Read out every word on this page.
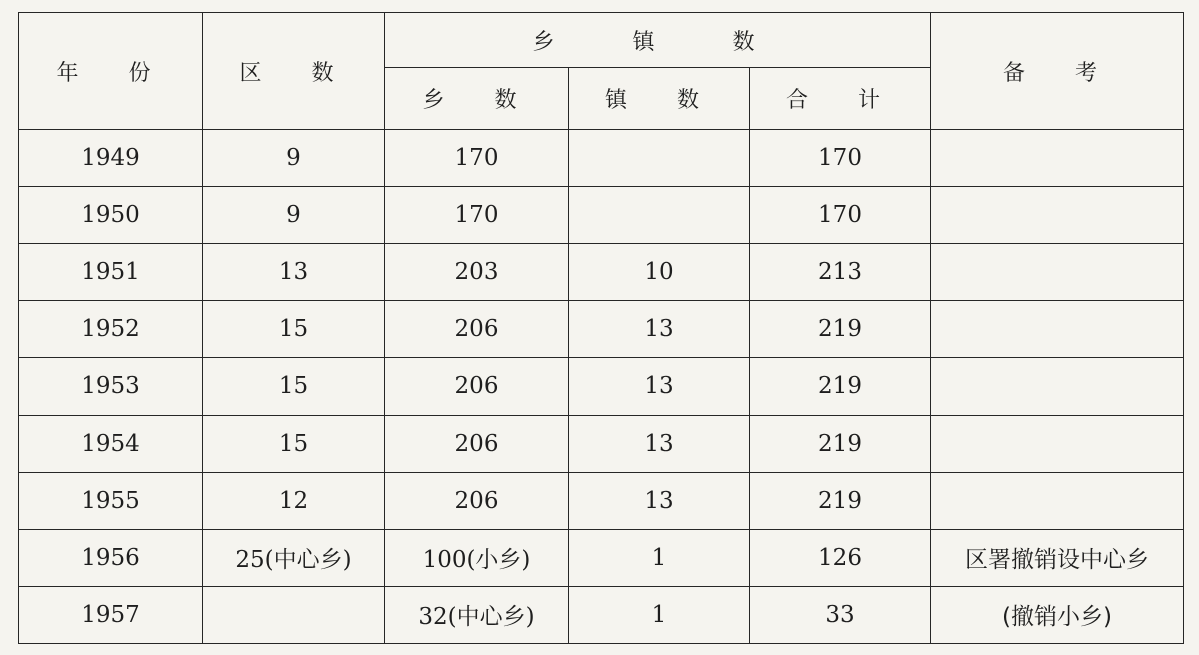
年　份	区　数	乡　镇　数			备　考
		乡　数	镇　数	合　计	
1949	9	170		170	
1950	9	170		170	
1951	13	203	10	213	
1952	15	206	13	219	
1953	15	206	13	219	
1954	15	206	13	219	
1955	12	206	13	219	
1956	25(中心乡)	100(小乡)	1	126	区署撤销设中心乡
1957		32(中心乡)	1	33	(撤销小乡)
